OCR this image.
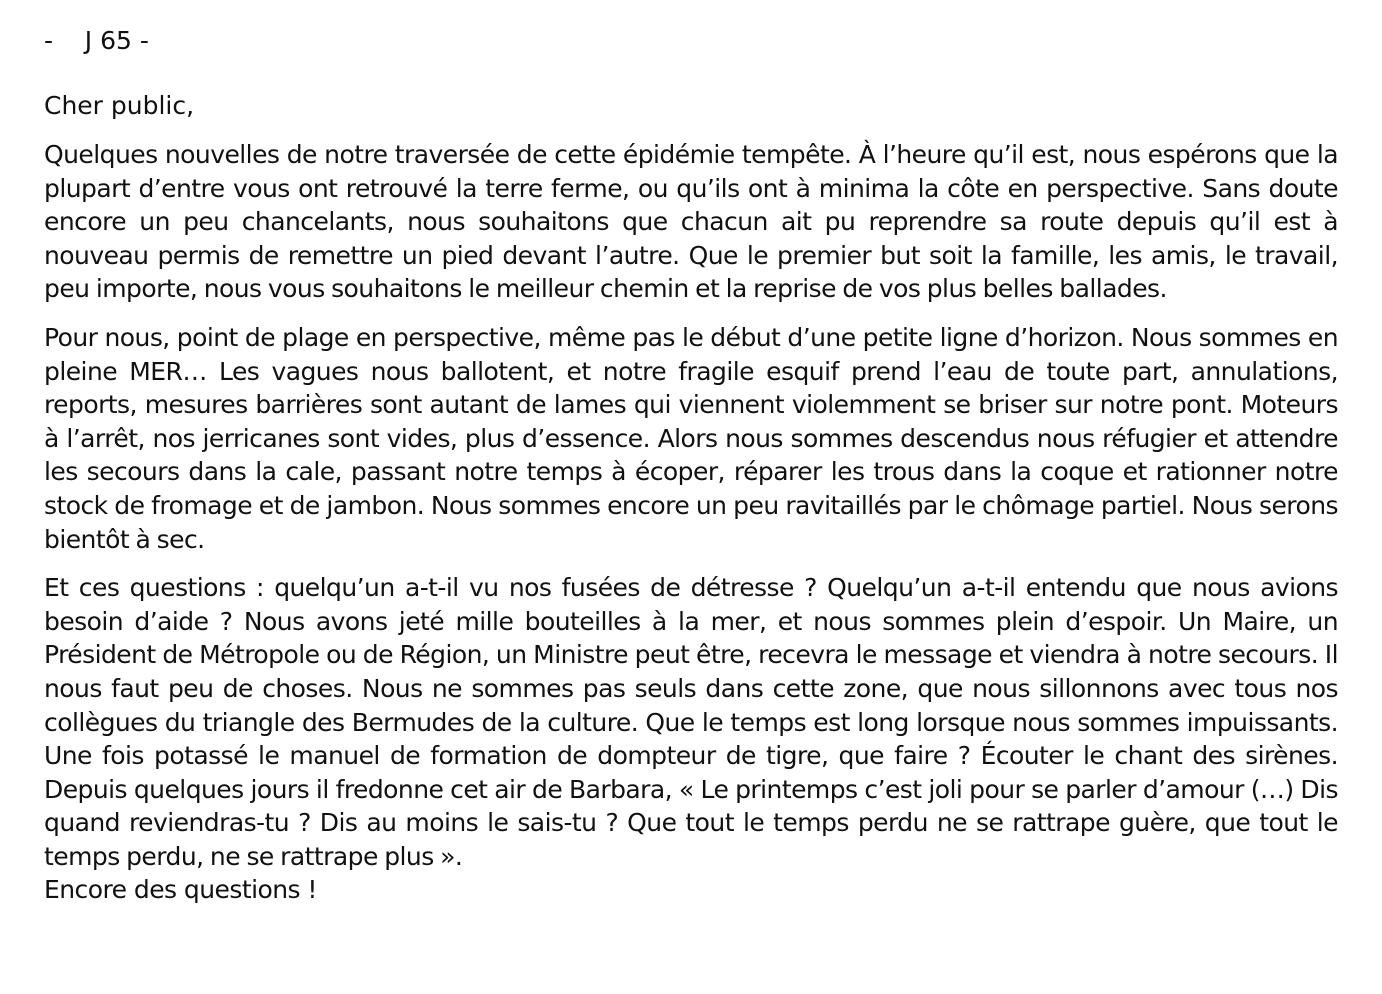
-    J 65 -

Cher public,

Quelques nouvelles de notre traversée de cette épidémie tempête. À l’heure qu’il est, nous espérons que la plupart d’entre vous ont retrouvé la terre ferme, ou qu’ils ont à minima la côte en perspective. Sans doute encore un peu chancelants, nous souhaitons que chacun ait pu reprendre sa route depuis qu’il est à nouveau permis de remettre un pied devant l’autre. Que le premier but soit la famille, les amis, le travail, peu importe, nous vous souhaitons le meilleur chemin et la reprise de vos plus belles ballades.

Pour nous, point de plage en perspective, même pas le début d’une petite ligne d’horizon. Nous sommes en pleine MER… Les vagues nous ballotent, et notre fragile esquif prend l’eau de toute part, annulations, reports, mesures barrières sont autant de lames qui viennent violemment se briser sur notre pont. Moteurs à l’arrêt, nos jerricanes sont vides, plus d’essence. Alors nous sommes descendus nous réfugier et attendre les secours dans la cale, passant notre temps à écoper, réparer les trous dans la coque et rationner notre stock de fromage et de jambon. Nous sommes encore un peu ravitaillés par le chômage partiel. Nous serons bientôt à sec.

Et ces questions : quelqu’un a-t-il vu nos fusées de détresse ? Quelqu’un a-t-il entendu que nous avions besoin d’aide ? Nous avons jeté mille bouteilles à la mer, et nous sommes plein d’espoir. Un Maire, un Président de Métropole ou de Région, un Ministre peut être, recevra le message et viendra à notre secours. Il nous faut peu de choses. Nous ne sommes pas seuls dans cette zone, que nous sillonnons avec tous nos collègues du triangle des Bermudes de la culture. Que le temps est long lorsque nous sommes impuissants. Une fois potassé le manuel de formation de dompteur de tigre, que faire ? Écouter le chant des sirènes. Depuis quelques jours il fredonne cet air de Barbara, « Le printemps c’est joli pour se parler d’amour (…) Dis quand reviendras-tu ? Dis au moins le sais-tu ? Que tout le temps perdu ne se rattrape guère, que tout le temps perdu, ne se rattrape plus ».

Encore des questions !
